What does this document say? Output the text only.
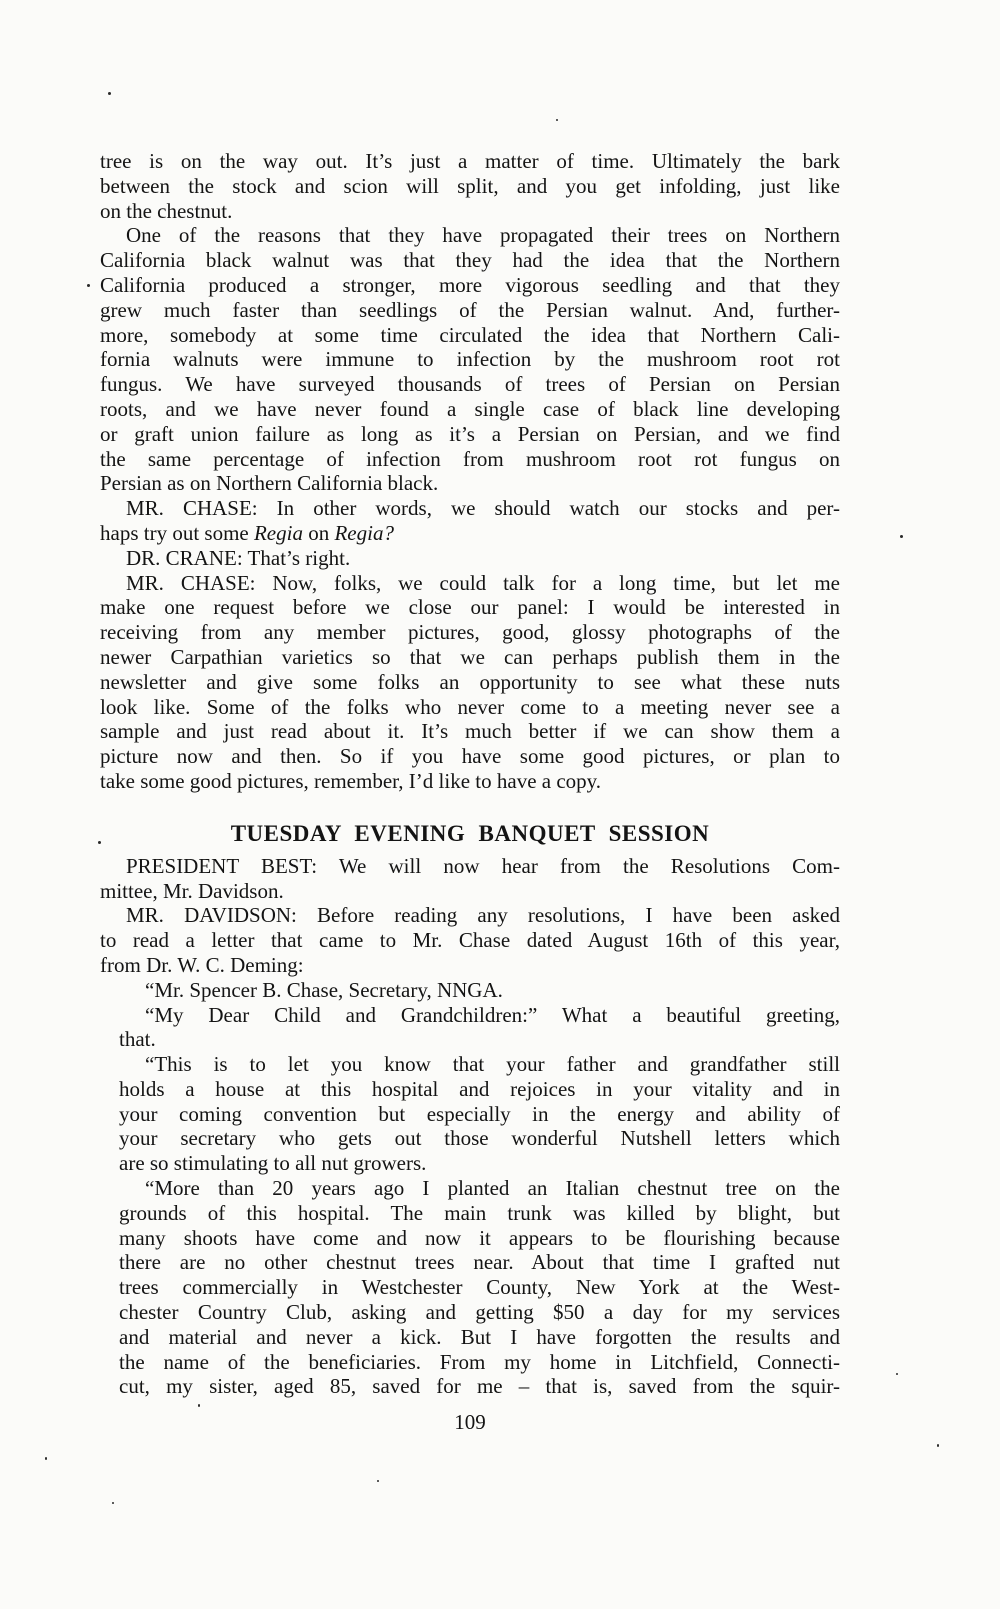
tree is on the way out. It’s just a matter of time. Ultimately the bark
between the stock and scion will split, and you get infolding, just like
on the chestnut.
One of the reasons that they have propagated their trees on Northern
California black walnut was that they had the idea that the Northern
California produced a stronger, more vigorous seedling and that they
grew much faster than seedlings of the Persian walnut. And, further-
more, somebody at some time circulated the idea that Northern Cali-
fornia walnuts were immune to infection by the mushroom root rot
fungus. We have surveyed thousands of trees of Persian on Persian
roots, and we have never found a single case of black line developing
or graft union failure as long as it’s a Persian on Persian, and we find
the same percentage of infection from mushroom root rot fungus on
Persian as on Northern California black.
MR. CHASE: In other words, we should watch our stocks and per-
haps try out some Regia on Regia?
DR. CRANE: That’s right.
MR. CHASE: Now, folks, we could talk for a long time, but let me
make one request before we close our panel: I would be interested in
receiving from any member pictures, good, glossy photographs of the
newer Carpathian varietics so that we can perhaps publish them in the
newsletter and give some folks an opportunity to see what these nuts
look like. Some of the folks who never come to a meeting never see a
sample and just read about it. It’s much better if we can show them a
picture now and then. So if you have some good pictures, or plan to
take some good pictures, remember, I’d like to have a copy.
TUESDAY EVENING BANQUET SESSION
PRESIDENT BEST: We will now hear from the Resolutions Com-
mittee, Mr. Davidson.
MR. DAVIDSON: Before reading any resolutions, I have been asked
to read a letter that came to Mr. Chase dated August 16th of this year,
from Dr. W. C. Deming:
“Mr. Spencer B. Chase, Secretary, NNGA.
“My Dear Child and Grandchildren:” What a beautiful greeting,
that.
“This is to let you know that your father and grandfather still
holds a house at this hospital and rejoices in your vitality and in
your coming convention but especially in the energy and ability of
your secretary who gets out those wonderful Nutshell letters which
are so stimulating to all nut growers.
“More than 20 years ago I planted an Italian chestnut tree on the
grounds of this hospital. The main trunk was killed by blight, but
many shoots have come and now it appears to be flourishing because
there are no other chestnut trees near. About that time I grafted nut
trees commercially in Westchester County, New York at the West-
chester Country Club, asking and getting $50 a day for my services
and material and never a kick. But I have forgotten the results and
the name of the beneficiaries. From my home in Litchfield, Connecti-
cut, my sister, aged 85, saved for me – that is, saved from the squir-
109
